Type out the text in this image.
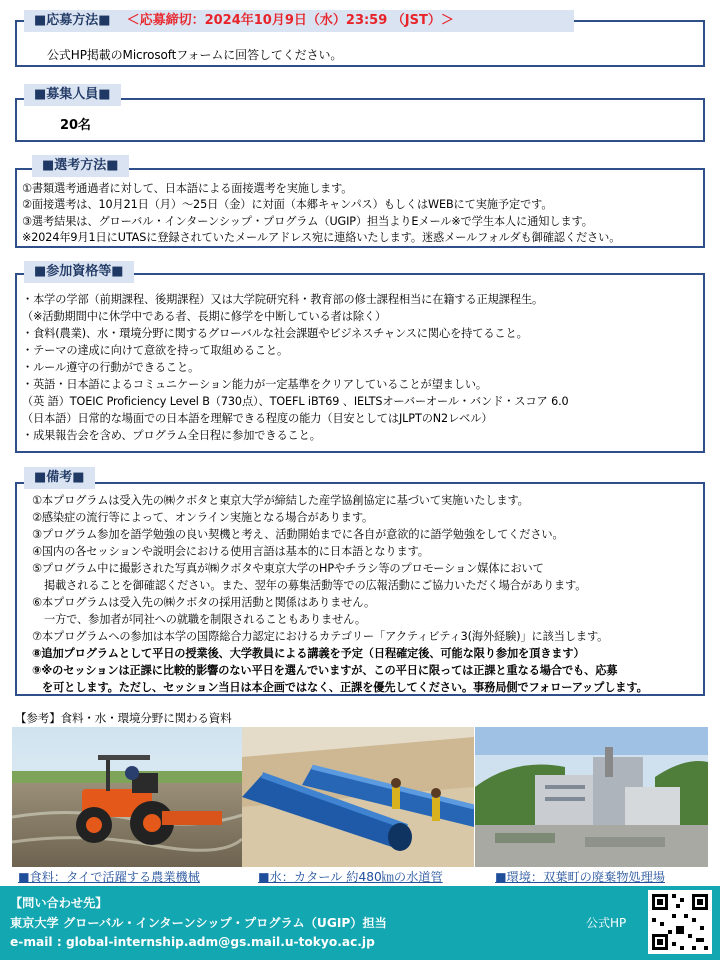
■応募方法■ ＜応募締切：2024年10月9日（水）23:59 （JST）＞
公式HP掲載のMicrosoftフォームに回答してください。
■募集人員■
20名
■選考方法■
①書類選考通過者に対して、日本語による面接選考を実施します。
②面接選考は、10月21日（月）～25日（金）に対面（本郷キャンパス）もしくはWEBにて実施予定です。
③選考結果は、グローバル・インターンシップ・プログラム（UGIP）担当よりEメール※で学生本人に通知します。
※2024年9月1日にUTASに登録されていたメールアドレス宛に連絡いたします。迷惑メールフォルダも御確認ください。
■参加資格等■
・本学の学部（前期課程、後期課程）又は大学院研究科・教育部の修士課程相当に在籍する正規課程生。
（※活動期間中に休学中である者、長期に修学を中断している者は除く）
・食料(農業)、水・環境分野に関するグローバルな社会課題やビジネスチャンスに関心を持てること。
・テーマの達成に向けて意欲を持って取組めること。
・ルール遵守の行動ができること。
・英語・日本語によるコミュニケーション能力が一定基準をクリアしていることが望ましい。
（英 語）TOEIC Proficiency Level B（730点）、TOEFL iBT69 、IELTSオーバーオール・バンド・スコア 6.0
（日本語）日常的な場面での日本語を理解できる程度の能力（目安としてはJLPTのN2レベル）
・成果報告会を含め、プログラム全日程に参加できること。
■備考■
①本プログラムは受入先の㈱クボタと東京大学が締結した産学協創協定に基づいて実施いたします。
②感染症の流行等によって、オンライン実施となる場合があります。
③プログラム参加を語学勉強の良い契機と考え、活動開始までに各自が意欲的に語学勉強をしてください。
④国内の各セッションや説明会における使用言語は基本的に日本語となります。
⑤プログラム中に撮影された写真が㈱クボタや東京大学のHPやチラシ等のプロモーション媒体において
掲載されることを御確認ください。また、翌年の募集活動等での広報活動にご協力いただく場合があります。
⑥本プログラムは受入先の㈱クボタの採用活動と関係はありません。
一方で、参加者が同社への就職を制限されることもありません。
⑦本プログラムへの参加は本学の国際総合力認定におけるカテゴリー「アクティビティ3(海外経験)」に該当します。
⑧追加プログラムとして平日の授業後、大学教員による講義を予定（日程確定後、可能な限り参加を頂きます）
⑨※のセッションは正課に比較的影響のない平日を選んでいますが、この平日に限っては正課と重なる場合でも、応募
を可とします。ただし、セッション当日は本企画ではなく、正課を優先してください。事務局側でフォローアップします。
【参考】食料・水・環境分野に関わる資料
■食料：タイで活躍する農業機械	■水：カタール 約480㎞の水道管	■環境：双葉町の廃棄物処理場
【問い合わせ先】
東京大学 グローバル・インターンシップ・プログラム（UGIP）担当
e-mail : global-internship.adm@gs.mail.u-tokyo.ac.jp
公式HP
